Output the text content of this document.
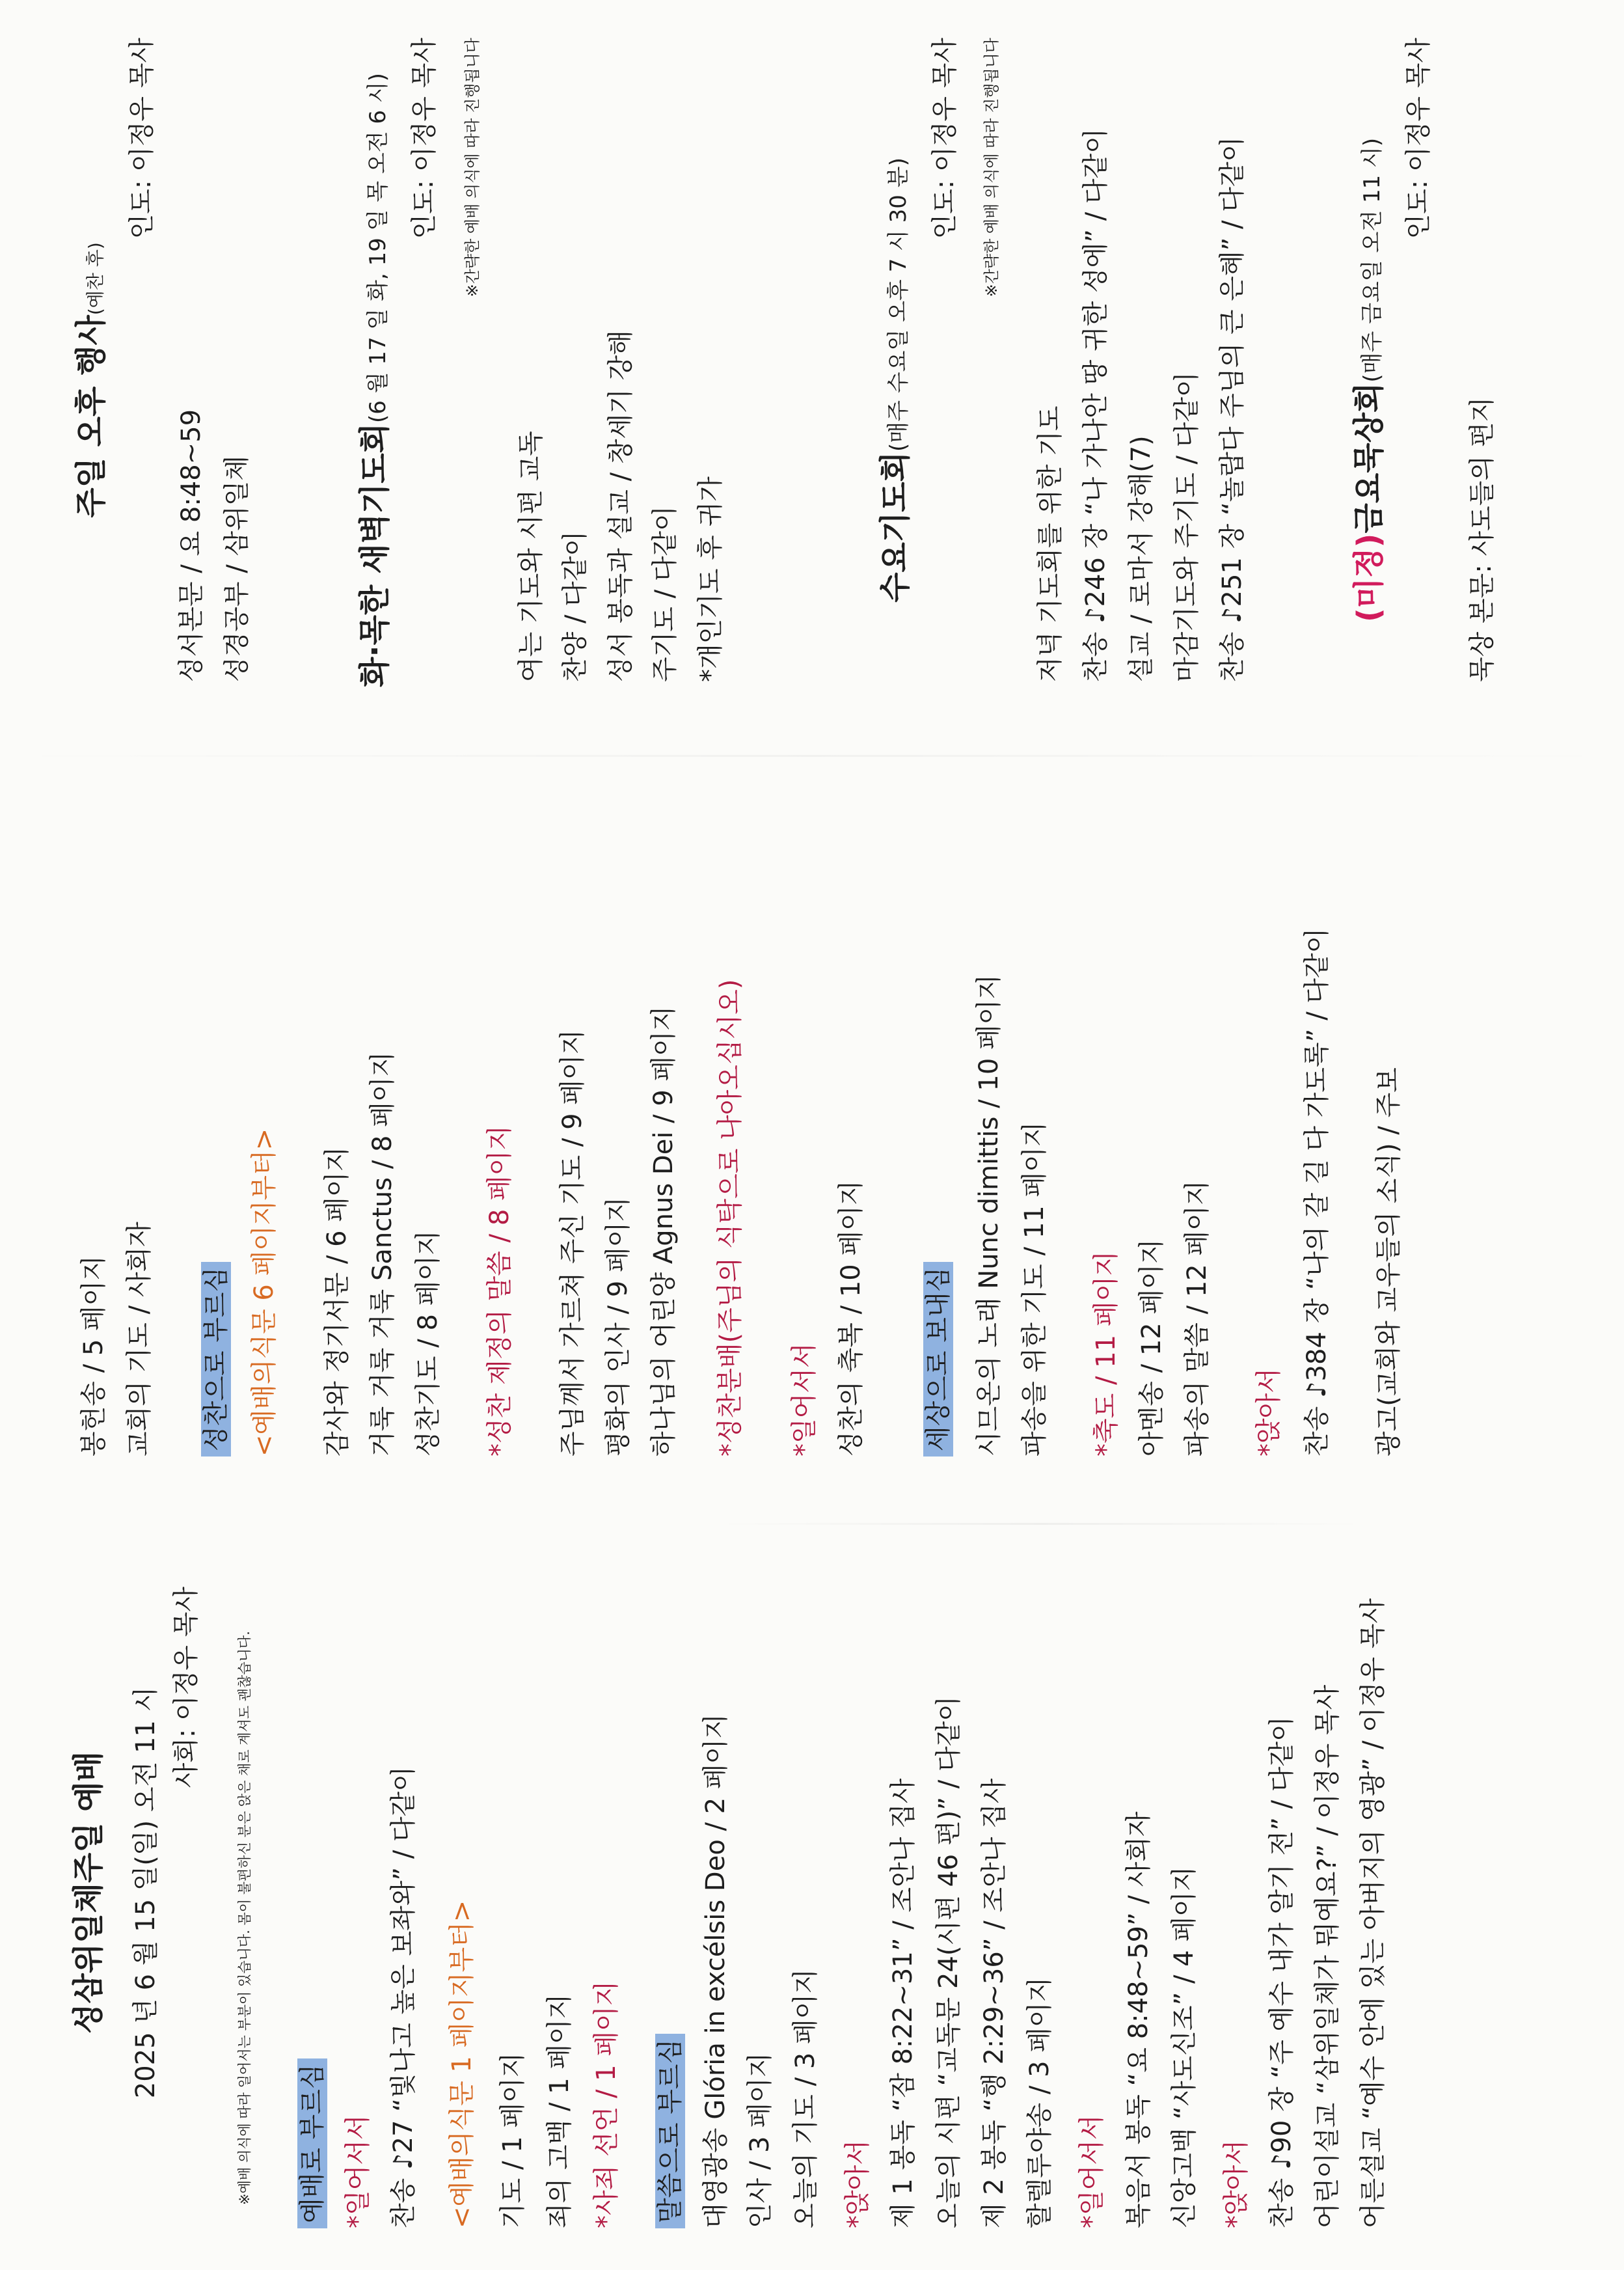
성삼위일체주일 예배 2025 년 6 월 15 일(일) 오전 11 시 사회: 이정우 목사	※예배 의식에 따라 일어서는 부분이 있습니다. 몸이 불편하신 분은 앉은 채로 계셔도 괜찮습니다.	예배로 부르심 *일어서서 찬송 ♪27 “빛나고 높은 보좌와” / 다같이 <예배의식문 1 페이지부터> 기도 / 1 페이지 죄의 고백 / 1 페이지 *사죄 선언 / 1 페이지 말씀으로 부르심 대영광송 Glória in excélsis Deo / 2 페이지 인사 / 3 페이지 오늘의 기도 / 3 페이지 *앉아서 제 1 봉독 “잠 8:22~31” / 조안나 집사 오늘의 시편 “교독문 24(시편 46 편)” / 다같이 제 2 봉독 “행 2:29~36” / 조안나 집사 할렐루야송 / 3 페이지 *일어서서 복음서 봉독 “요 8:48~59” / 사회자 신앙고백 “사도신조” / 4 페이지 *앉아서 찬송 ♪90 장 “주 예수 내가 알기 전” / 다같이 어린이설교 “삼위일체가 뭐예요?” / 이정우 목사 어른설교 “예수 안에 있는 아버지의 영광” / 이정우 목사
봉헌송 / 5 페이지 교회의 기도 / 사회자 성찬으로 부르심 <예배의식문 6 페이지부터> 감사와 정기서문 / 6 페이지 거룩 거룩 거룩 Sanctus / 8 페이지 성찬기도 / 8 페이지 *성찬 제정의 말씀 / 8 페이지 주님께서 가르쳐 주신 기도 / 9 페이지 평화의 인사 / 9 페이지 하나님의 어린양 Agnus Dei / 9 페이지 *성찬분배(주님의 식탁으로 나아오십시오) *일어서서 성찬의 축복 / 10 페이지 세상으로 보내심 시므온의 노래 Nunc dimittis / 10 페이지 파송을 위한 기도 / 11 페이지 *축도 / 11 페이지 아멘송 / 12 페이지 파송의 말씀 / 12 페이지 *앉아서 찬송 ♪384 장 “나의 갈 길 다 가도록” / 다같이 광고(교회와 교우들의 소식) / 주보
주일 오후 행사(예찬 후)
인도: 이정우 목사
성서본문 / 요 8:48~59 성경공부 / 삼위일체	화·목한 새벽기도회(6 월 17 일 화, 19 일 목 오전 6 시) 인도: 이정우 목사	※간략한 예배 의식에 따라 진행됩니다
여는 기도와 시편 교독 찬양 / 다같이 성서 봉독과 설교 / 창세기 강해 주기도 / 다같이 *개인기도 후 귀가	수요기도회(매주 수요일 오후 7 시 30 분)
인도: 이정우 목사	※간략한 예배 의식에 따라 진행됩니다
저녁 기도회를 위한 기도 찬송 ♪246 장 “나 가나안 땅 귀한 성에” / 다같이 설교 / 로마서 강해(7) 마감기도와 주기도 / 다같이 찬송 ♪251 장 “놀랍다 주님의 큰 은혜” / 다같이	(미정)금요묵상회(매주 금요일 오전 11 시) 인도: 이정우 목사
묵상 본문: 사도들의 편지
